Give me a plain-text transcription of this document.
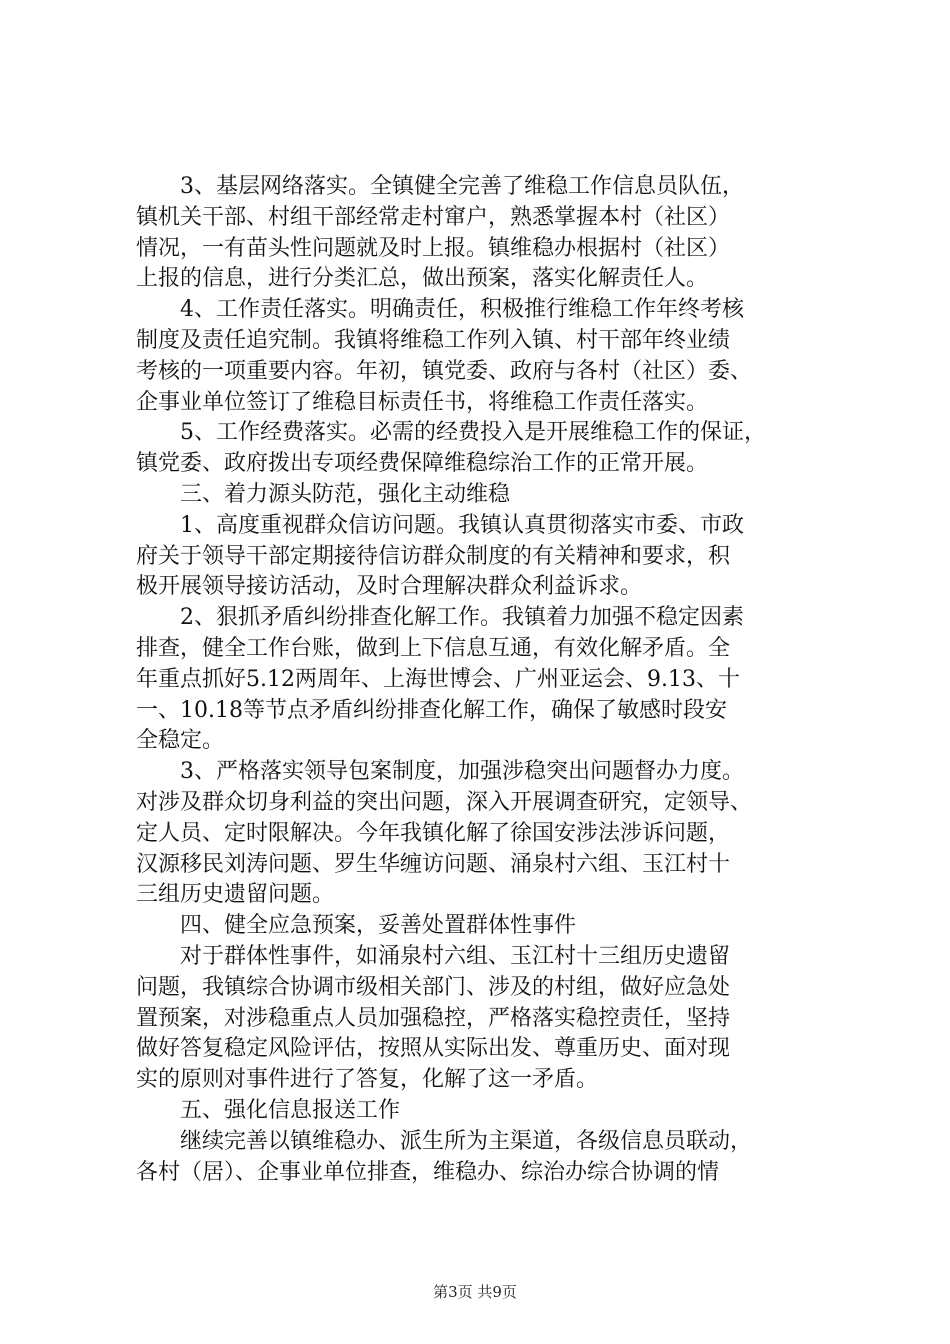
3、基层网络落实。全镇健全完善了维稳工作信息员队伍，
镇机关干部、村组干部经常走村窜户，熟悉掌握本村（社区）
情况，一有苗头性问题就及时上报。镇维稳办根据村（社区）
上报的信息，进行分类汇总，做出预案，落实化解责任人。
4、工作责任落实。明确责任，积极推行维稳工作年终考核
制度及责任追究制。我镇将维稳工作列入镇、村干部年终业绩
考核的一项重要内容。年初，镇党委、政府与各村（社区）委、
企事业单位签订了维稳目标责任书，将维稳工作责任落实。
5、工作经费落实。必需的经费投入是开展维稳工作的保证，
镇党委、政府拨出专项经费保障维稳综治工作的正常开展。
三、着力源头防范，强化主动维稳
1、高度重视群众信访问题。我镇认真贯彻落实市委、市政
府关于领导干部定期接待信访群众制度的有关精神和要求，积
极开展领导接访活动，及时合理解决群众利益诉求。
2、狠抓矛盾纠纷排查化解工作。我镇着力加强不稳定因素
排查，健全工作台账，做到上下信息互通，有效化解矛盾。全
年重点抓好5.12两周年、上海世博会、广州亚运会、9.13、十
一、10.18等节点矛盾纠纷排查化解工作，确保了敏感时段安
全稳定。
3、严格落实领导包案制度，加强涉稳突出问题督办力度。
对涉及群众切身利益的突出问题，深入开展调查研究，定领导、
定人员、定时限解决。今年我镇化解了徐国安涉法涉诉问题，
汉源移民刘涛问题、罗生华缠访问题、涌泉村六组、玉江村十
三组历史遗留问题。
四、健全应急预案，妥善处置群体性事件
对于群体性事件，如涌泉村六组、玉江村十三组历史遗留
问题，我镇综合协调市级相关部门、涉及的村组，做好应急处
置预案，对涉稳重点人员加强稳控，严格落实稳控责任，坚持
做好答复稳定风险评估，按照从实际出发、尊重历史、面对现
实的原则对事件进行了答复，化解了这一矛盾。
五、强化信息报送工作
继续完善以镇维稳办、派生所为主渠道，各级信息员联动，
各村（居）、企事业单位排查，维稳办、综治办综合协调的情
第3页 共9页
